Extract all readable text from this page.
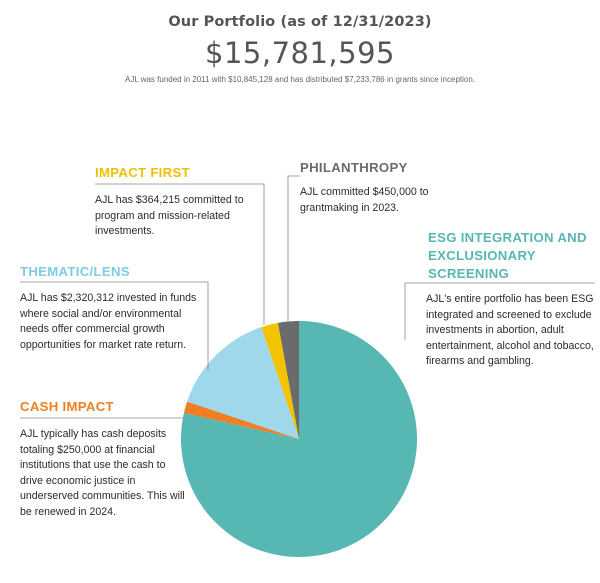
Our Portfolio (as of 12/31/2023)
$15,781,595
AJL was funded in 2011 with $10,845,128 and has distributed $7,233,786 in grants since inception.
IMPACT FIRST
AJL has $364,215 committed to program and mission-related investments.
PHILANTHROPY
AJL committed $450,000 to grantmaking in 2023.
ESG INTEGRATION AND EXCLUSIONARY SCREENING
AJL's entire portfolio has been ESG integrated and screened to exclude investments in abortion, adult entertainment, alcohol and tobacco, firearms and gambling.
THEMATIC/LENS
AJL has $2,320,312 invested in funds where social and/or environmental needs offer commercial growth opportunities for market rate return.
CASH IMPACT
AJL typically has cash deposits totaling $250,000 at financial institutions that use the cash to drive economic justice in underserved communities. This will be renewed in 2024.
